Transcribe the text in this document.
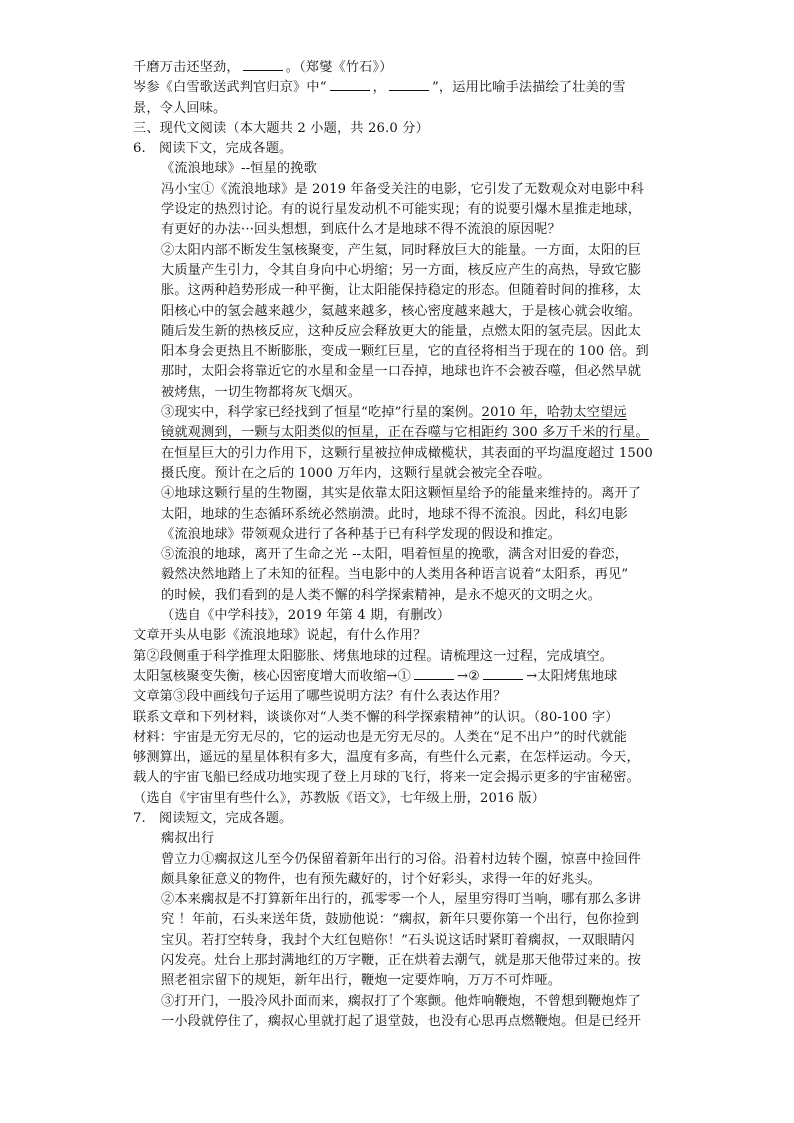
千磨万击还坚劲，	。（郑燮《竹石》）
岑参《白雪歌送武判官归京》中“	，	”，运用比喻手法描绘了壮美的雪
景，令人回味。
三、现代文阅读（本大题共 2 小题，共 26.0 分）
6. 阅读下文，完成各题。
《流浪地球》--恒星的挽歌
冯小宝①《流浪地球》是 2019 年备受关注的电影，它引发了无数观众对电影中科
学设定的热烈讨论。有的说行星发动机不可能实现；有的说要引爆木星推走地球，
有更好的办法···回头想想，到底什么才是地球不得不流浪的原因呢？
②太阳内部不断发生氢核聚变，产生氦，同时释放巨大的能量。一方面，太阳的巨
大质量产生引力，令其自身向中心坍缩；另一方面，核反应产生的高热，导致它膨
胀。这两种趋势形成一种平衡，让太阳能保持稳定的形态。但随着时间的推移，太
阳核心中的氢会越来越少，氦越来越多，核心密度越来越大，于是核心就会收缩。
随后发生新的热核反应，这种反应会释放更大的能量，点燃太阳的氢壳层。因此太
阳本身会更热且不断膨胀，变成一颗红巨星，它的直径将相当于现在的 100 倍。到
那时，太阳会将靠近它的水星和金星一口吞掉，地球也许不会被吞噬，但必然早就
被烤焦，一切生物都将灰飞烟灭。
③现实中，科学家已经找到了恒星“吃掉”行星的案例。2010 年，哈勃太空望远
镜就观测到，一颗与太阳类似的恒星，正在吞噬与它相距约 300 多万千米的行星。
在恒星巨大的引力作用下，这颗行星被拉伸成橄榄状，其表面的平均温度超过 1500
摄氏度。预计在之后的 1000 万年内，这颗行星就会被完全吞啦。
④地球这颗行星的生物圈，其实是依靠太阳这颗恒星给予的能量来维持的。离开了
太阳，地球的生态循环系统必然崩溃。此时，地球不得不流浪。因此，科幻电影
《流浪地球》带领观众进行了各种基于已有科学发现的假设和推定。
⑤流浪的地球，离开了生命之光 --太阳，唱着恒星的挽歌，满含对旧爱的眷恋，
毅然决然地踏上了未知的征程。当电影中的人类用各种语言说着“太阳系，再见”
的时候，我们看到的是人类不懈的科学探索精神，是永不熄灭的文明之火。
（选自《中学科技》，2019 年第 4 期，有删改）
文章开头从电影《流浪地球》说起，有什么作用？
第②段侧重于科学推理太阳膨胀、烤焦地球的过程。请梳理这一过程，完成填空。
太阳氢核聚变失衡，核心因密度增大而收缩→①	→②	→太阳烤焦地球
文章第③段中画线句子运用了哪些说明方法？有什么表达作用？
联系文章和下列材料，谈谈你对“人类不懈的科学探索精神”的认识。（80-100 字）
材料：宇宙是无穷无尽的，它的运动也是无穷无尽的。人类在“足不出户”的时代就能
够测算出，遥远的星星体积有多大，温度有多高，有些什么元素，在怎样运动。今天，
载人的宇宙飞船已经成功地实现了登上月球的飞行，将来一定会揭示更多的宇宙秘密。
（选自《宇宙里有些什么》，苏教版《语文》，七年级上册，2016 版）
7. 阅读短文，完成各题。
瘸叔出行
曾立力①瘸叔这儿至今仍保留着新年出行的习俗。沿着村边转个圈，惊喜中捡回件
颇具象征意义的物件，也有预先藏好的，讨个好彩头，求得一年的好兆头。
②本来瘸叔是不打算新年出行的，孤零零一个人，屋里穷得叮当响，哪有那么多讲
究 ！年前，石头来送年货，鼓励他说：“瘸叔，新年只要你第一个出行，包你捡到
宝贝。若打空转身，我封个大红包赔你！”石头说这话时紧盯着瘸叔，一双眼睛闪
闪发亮。灶台上那封满地红的万字鞭，正在烘着去潮气，就是那天他带过来的。按
照老祖宗留下的规矩，新年出行，鞭炮一定要炸响，万万不可炸哑。
③打开门，一股冷风扑面而来，瘸叔打了个寒颤。他炸响鞭炮，不曾想到鞭炮炸了
一小段就停住了，瘸叔心里就打起了退堂鼓，也没有心思再点燃鞭炮。但是已经开
